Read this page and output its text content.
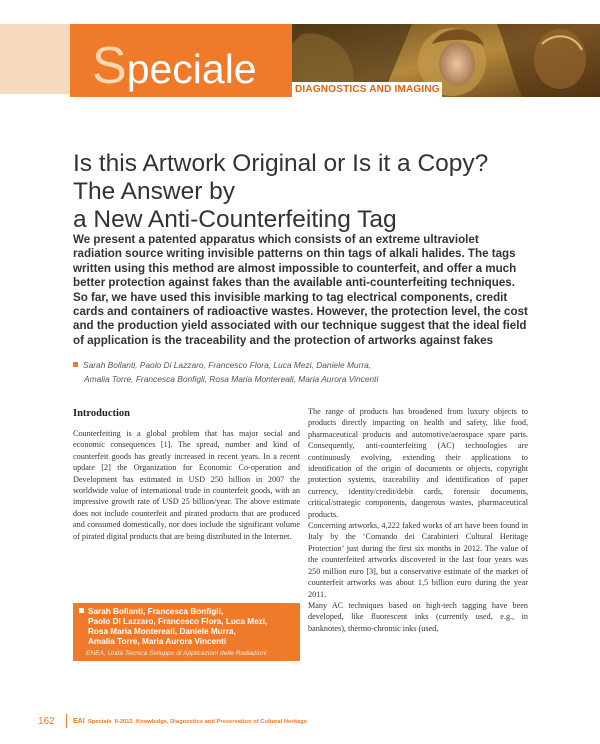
Speciale	DIAGNOSTICS AND IMAGING
Is this Artwork Original or Is it a Copy?
The Answer by
a New Anti-Counterfeiting Tag
We present a patented apparatus which consists of an extreme ultraviolet radiation source writing invisible patterns on thin tags of alkali halides. The tags written using this method are almost impossible to counterfeit, and offer a much better protection against fakes than the available anti-counterfeiting techniques. So far, we have used this invisible marking to tag electrical components, credit cards and containers of radioactive wastes. However, the protection level, the cost and the production yield associated with our technique suggest that the ideal field of application is the traceability and the protection of artworks against fakes
Sarah Bollanti, Paolo Di Lazzaro, Francesco Flora, Luca Mezi, Daniele Murra,
Amalia Torre, Francesca Bonfigli, Rosa Maria Montereali, Maria Aurora Vincenti
Introduction

Counterfeiting is a global problem that has major social and economic consequences [1]. The spread, number and kind of counterfeit goods has greatly increased in recent years. In a recent update [2] the Organization for Economic Co-operation and Development has estimated in USD 250 billion in 2007 the worldwide value of international trade in counterfeit goods, with an impressive growth rate of USD 25 billion/year. The above estimate does not include counterfeit and pirated products that are produced and consumed domestically, nor does include the significant volume of pirated digital products that are being distributed in the Internet.

Sarah Bollanti, Francesca Bonfigli,
Paolo Di Lazzaro, Francesco Flora, Luca Mezi,
Rosa Maria Montereali, Daniele Murra,
Amalia Torre, Maria Aurora Vincenti
ENEA, Unità Tecnica Sviluppo di Applicazioni delle Radiazioni

The range of products has broadened from luxury objects to products directly impacting on health and safety, like food, pharmaceutical products and automotive/aerospace spare parts. Consequently, anti-counterfeiting (AC) technologies are continuously evolving, extending their applications to identification of the origin of documents or objects, copyright protection systems, traceability and identification of paper currency, identity/credit/debit cards, forensic documents, critical/strategic components, dangerous wastes, pharmaceutical products.

Concerning artworks, 4,222 faked works of art have been found in Italy by the ‘Comando dei Carabinieri Cultural Heritage Protection’ just during the first six months in 2012. The value of the counterfeited artworks discovered in the last four years was 250 million euro [3], but a conservative estimate of the market of counterfeit artworks was about 1,5 billion euro during the year 2011.

Many AC techniques based on high-tech tagging have been developed, like fluorescent inks (currently used, e.g., in banknotes), thermo-chromic inks (used,

162	EAI Speciale II-2012 Knowledge, Diagnostics and Preservation of Cultural Heritage
